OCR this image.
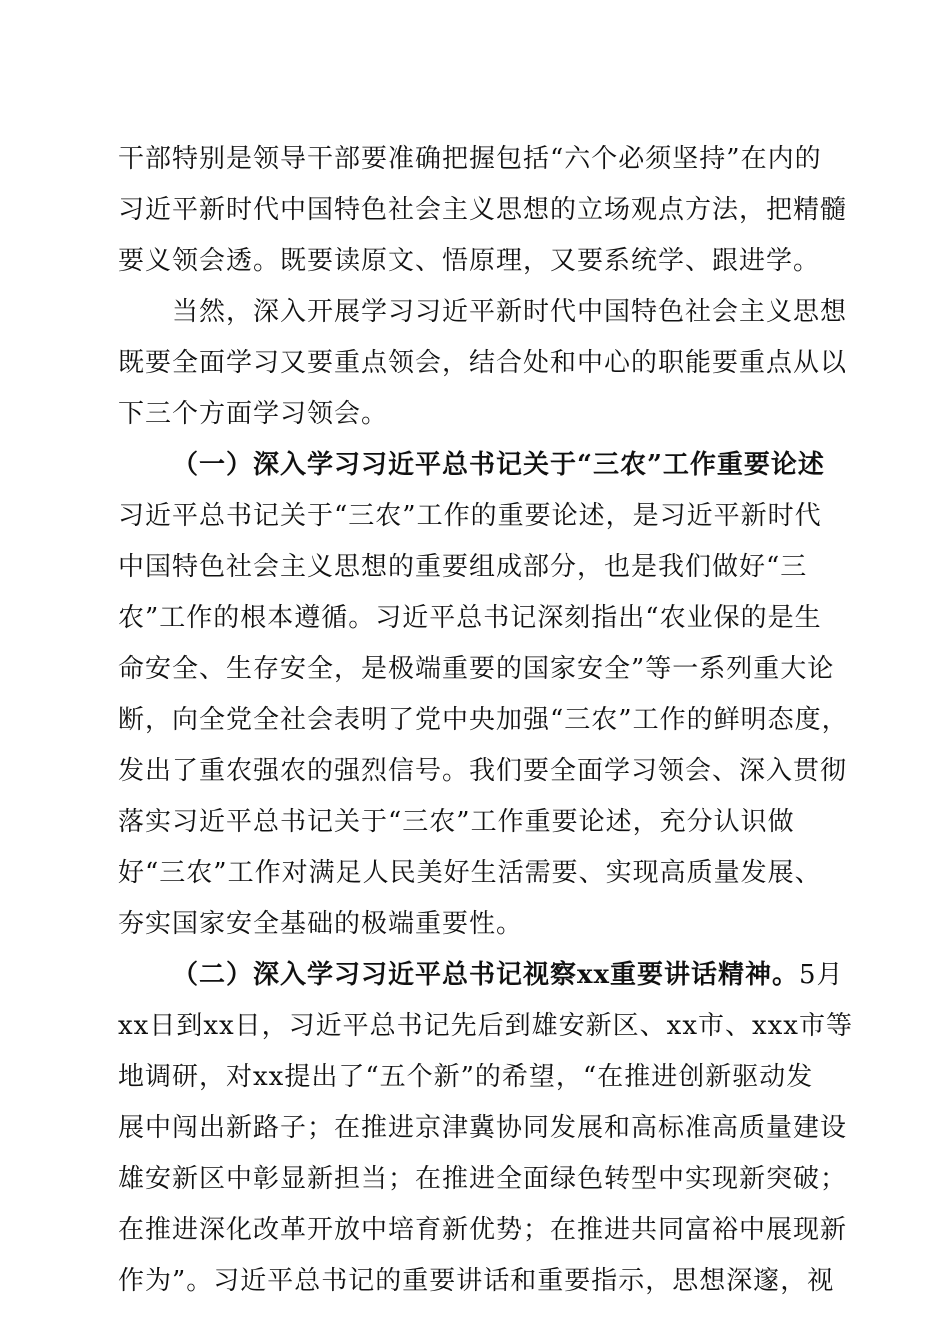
干部特别是领导干部要准确把握包括“六个必须坚持”在内的
习近平新时代中国特色社会主义思想的立场观点方法，把精髓
要义领会透。既要读原文、悟原理，又要系统学、跟进学。
当然，深入开展学习习近平新时代中国特色社会主义思想
既要全面学习又要重点领会，结合处和中心的职能要重点从以
下三个方面学习领会。
（一）深入学习习近平总书记关于“三农”工作重要论述
习近平总书记关于“三农”工作的重要论述，是习近平新时代
中国特色社会主义思想的重要组成部分，也是我们做好“三
农”工作的根本遵循。习近平总书记深刻指出“农业保的是生
命安全、生存安全，是极端重要的国家安全”等一系列重大论
断，向全党全社会表明了党中央加强“三农”工作的鲜明态度，
发出了重农强农的强烈信号。我们要全面学习领会、深入贯彻
落实习近平总书记关于“三农”工作重要论述，充分认识做
好“三农”工作对满足人民美好生活需要、实现高质量发展、
夯实国家安全基础的极端重要性。
（二）深入学习习近平总书记视察xx重要讲话精神。5月
xx日到xx日，习近平总书记先后到雄安新区、xx市、xxx市等
地调研，对xx提出了“五个新”的希望，“在推进创新驱动发
展中闯出新路子；在推进京津冀协同发展和高标准高质量建设
雄安新区中彰显新担当；在推进全面绿色转型中实现新突破；
在推进深化改革开放中培育新优势；在推进共同富裕中展现新
作为”。习近平总书记的重要讲话和重要指示，思想深邃，视
